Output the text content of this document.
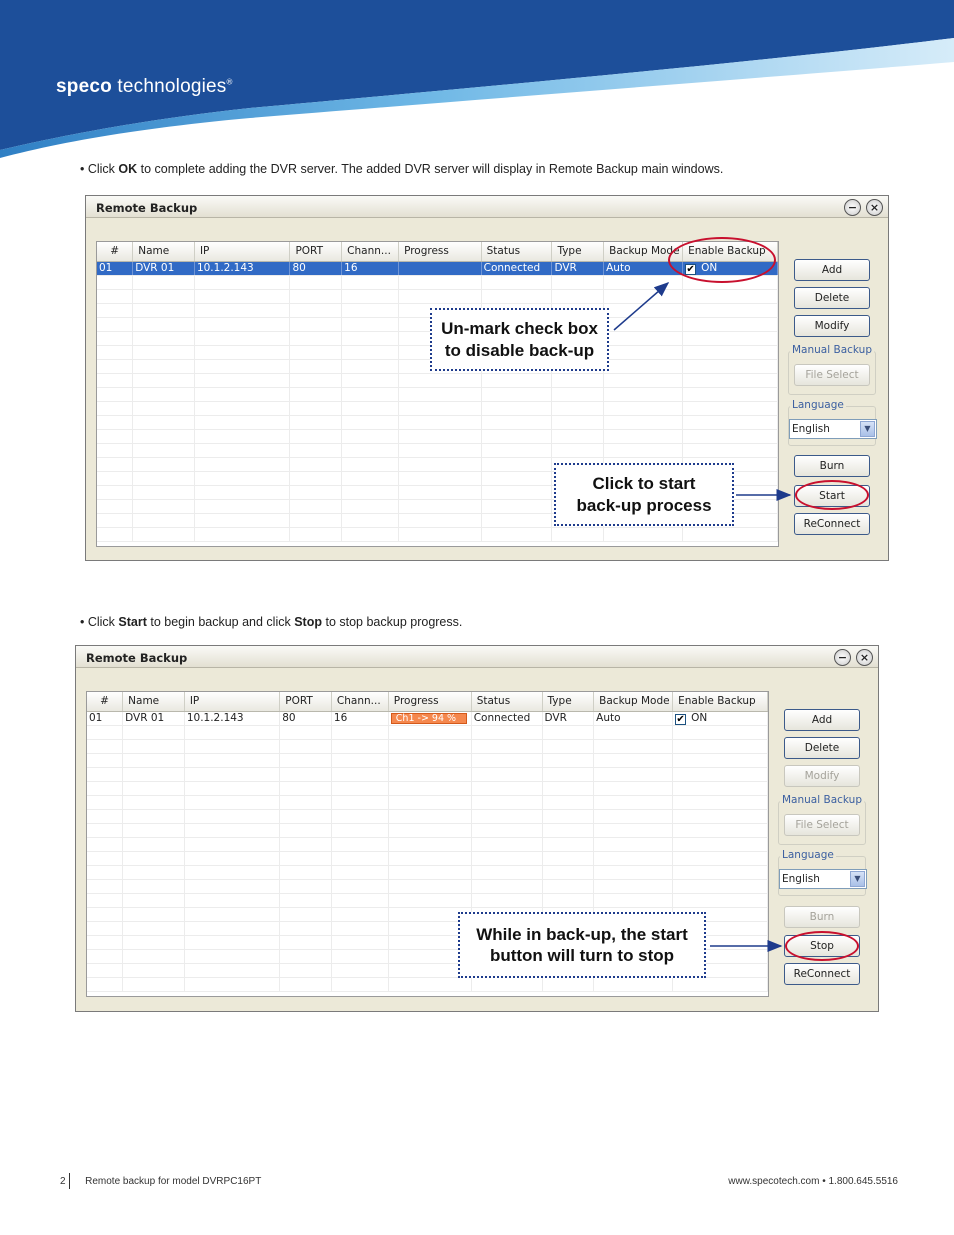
speco technologies®
• Click OK to complete adding the DVR server. The added DVR server will display in Remote Backup main windows.
Remote Backup	−	×
#	Name	IP	PORT	Chann...	Progress	Status	Type	Backup Mode	Enable Backup
01	DVR 01	10.1.2.143	80	16		Connected	DVR	Auto	✔ ON

										Add
Delete
Modify
Manual Backup
File Select
Language
English	▼
Burn
Start
ReConnect
Un-mark check box
to disable back-up
Click to start
back-up process
• Click Start to begin backup and click Stop to stop backup progress.
Remote Backup	−	×
#	Name	IP	PORT	Chann...	Progress	Status	Type	Backup Mode	Enable Backup
01	DVR 01	10.1.2.143	80	16	Ch1 -> 94 %	Connected	DVR	Auto	✔ ON

										Add
Delete
Modify
Manual Backup
File Select
Language
English	▼
Burn
Stop
ReConnect
While in back-up, the start
button will turn to stop
2 Remote backup for model DVRPC16PT	www.specotech.com • 1.800.645.5516
